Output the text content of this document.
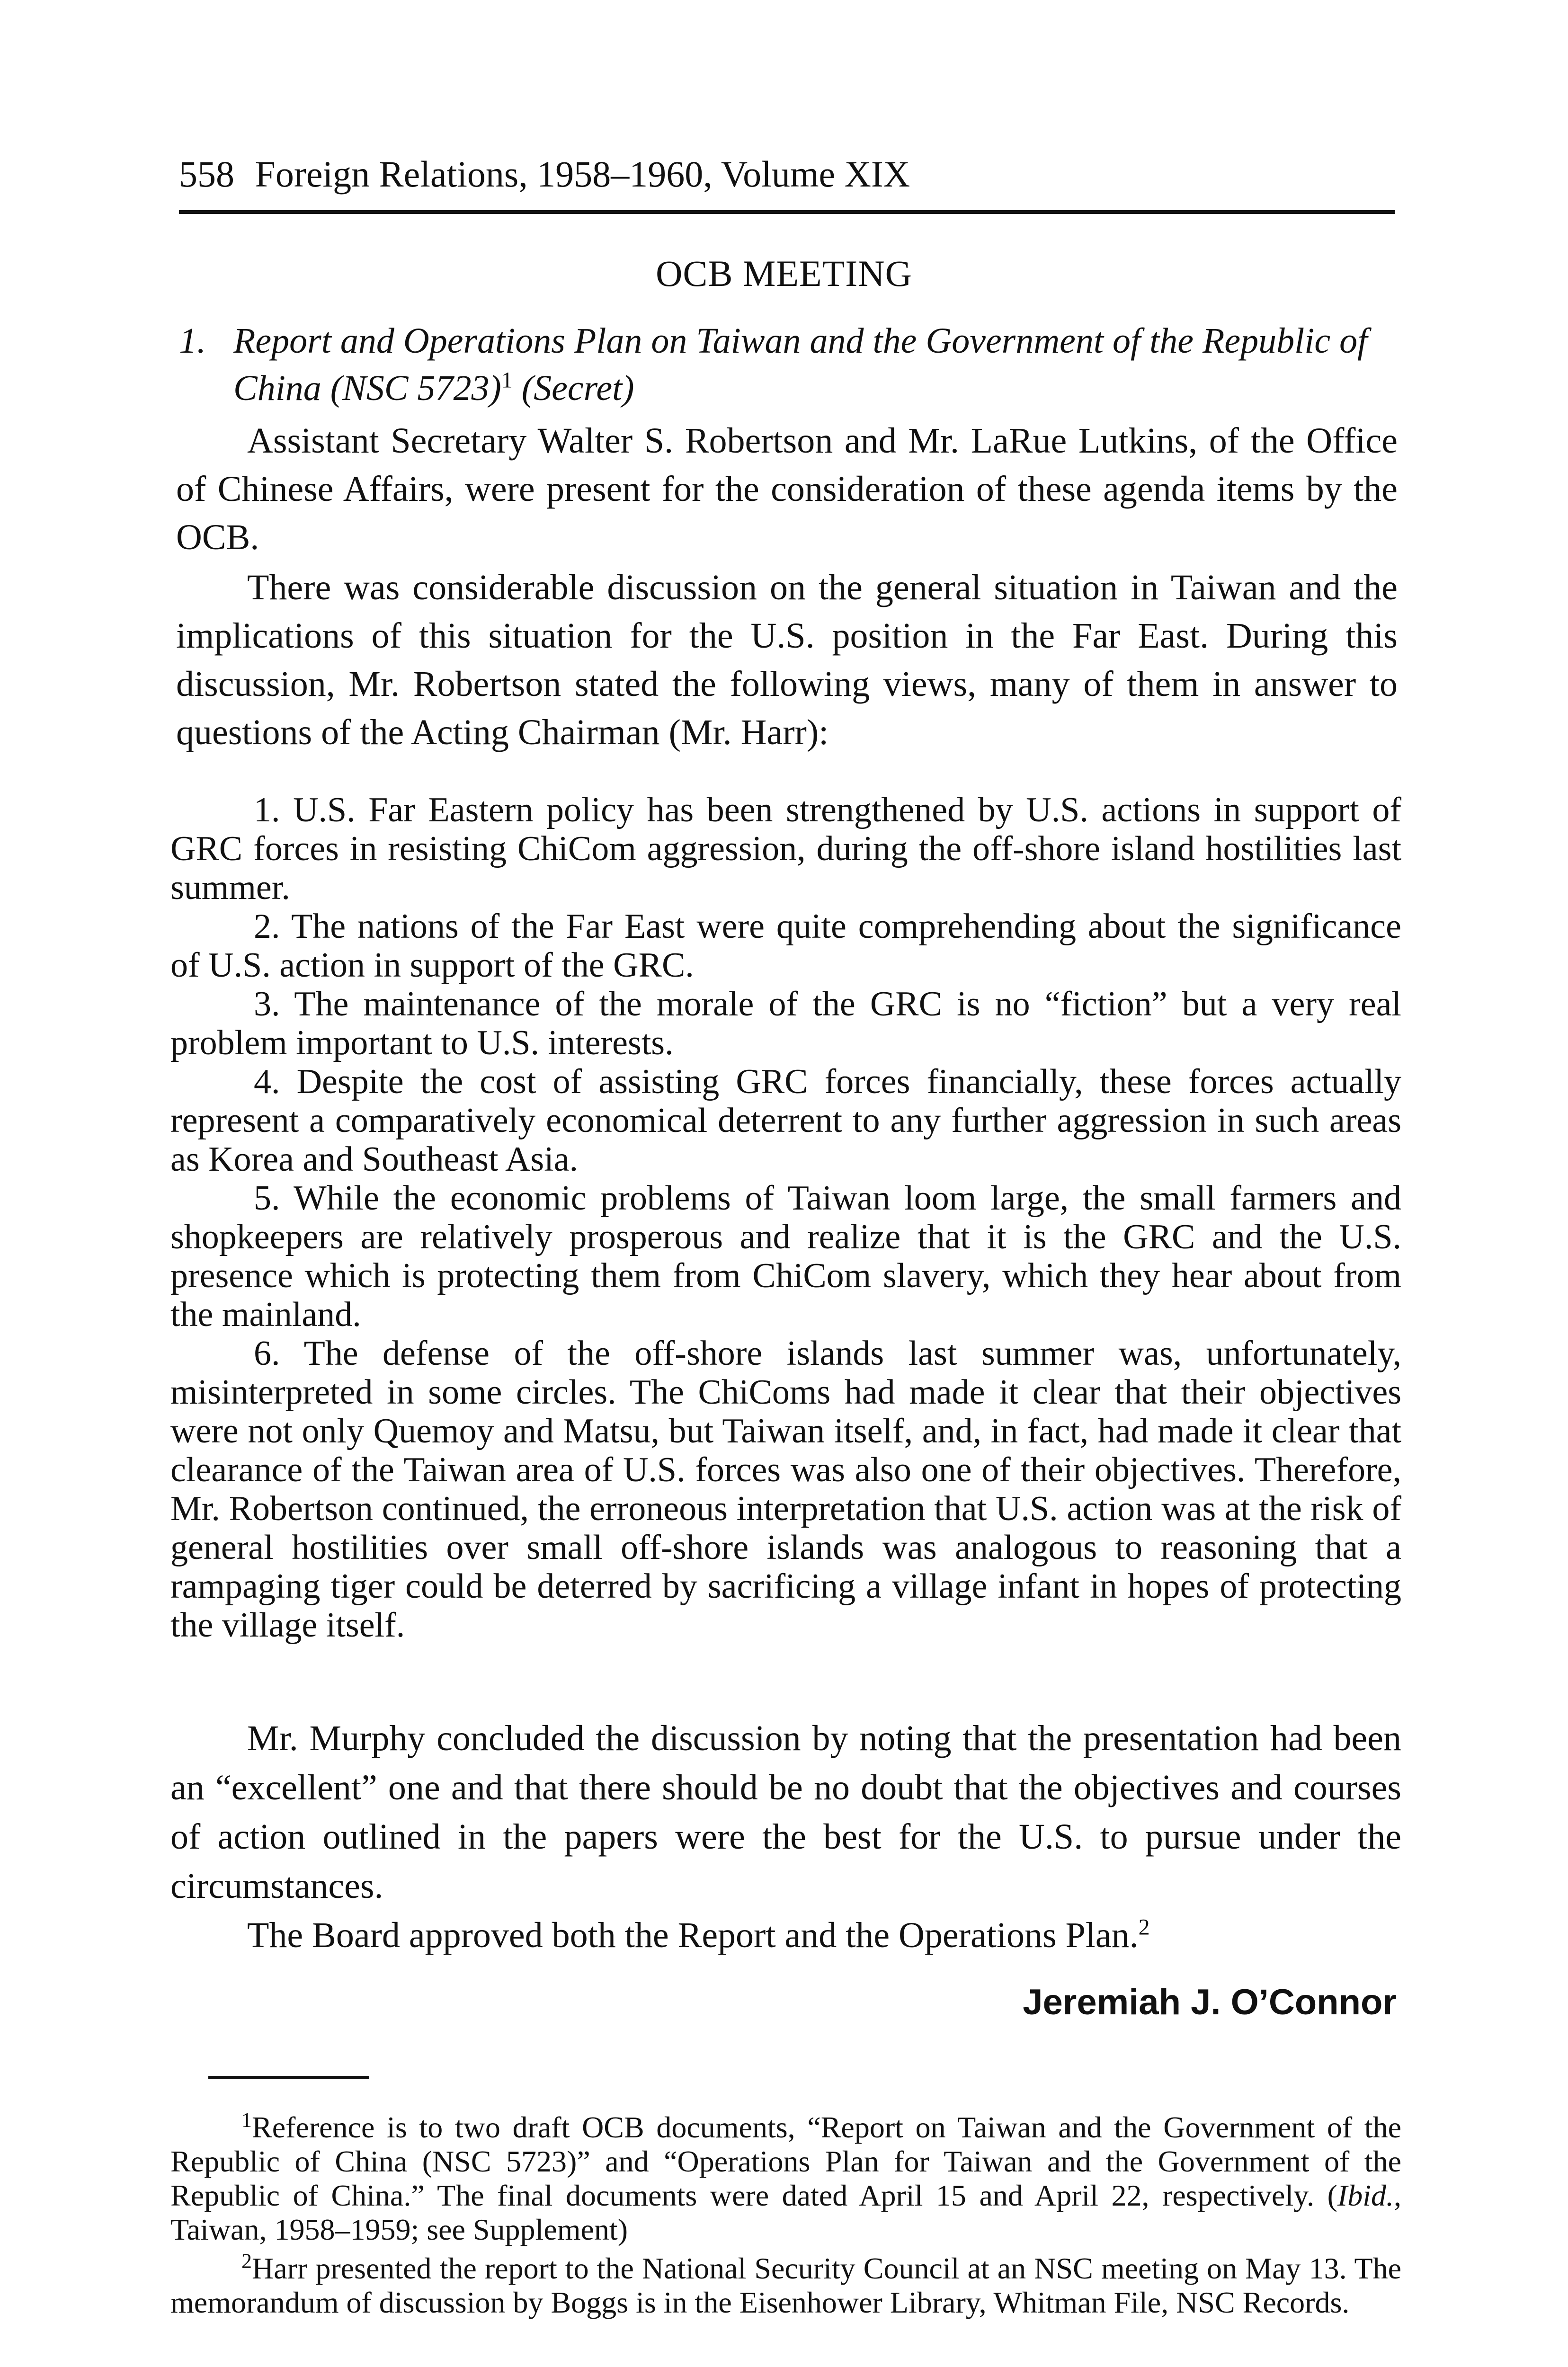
558 Foreign Relations, 1958–1960, Volume XIX
OCB MEETING
1. Report and Operations Plan on Taiwan and the Government of the Republic of China (NSC 5723)$^1$ (Secret)

Assistant Secretary Walter S. Robertson and Mr. LaRue Lutkins, of the Office of Chinese Affairs, were present for the consideration of these agenda items by the OCB.

There was considerable discussion on the general situation in Taiwan and the implications of this situation for the U.S. position in the Far East. During this discussion, Mr. Robertson stated the following views, many of them in answer to questions of the Acting Chairman (Mr. Harr):

1. U.S. Far Eastern policy has been strengthened by U.S. actions in support of GRC forces in resisting ChiCom aggression, during the off-shore island hostilities last summer.

2. The nations of the Far East were quite comprehending about the significance of U.S. action in support of the GRC.

3. The maintenance of the morale of the GRC is no “fiction” but a very real problem important to U.S. interests.

4. Despite the cost of assisting GRC forces financially, these forces actually represent a comparatively economical deterrent to any further aggression in such areas as Korea and Southeast Asia.

5. While the economic problems of Taiwan loom large, the small farmers and shopkeepers are relatively prosperous and realize that it is the GRC and the U.S. presence which is protecting them from ChiCom slavery, which they hear about from the mainland.

6. The defense of the off-shore islands last summer was, unfortunately, misinterpreted in some circles. The ChiComs had made it clear that their objectives were not only Quemoy and Matsu, but Taiwan itself, and, in fact, had made it clear that clearance of the Taiwan area of U.S. forces was also one of their objectives. Therefore, Mr. Robertson continued, the erroneous interpretation that U.S. action was at the risk of general hostilities over small off-shore islands was analogous to reasoning that a rampaging tiger could be deterred by sacrificing a village infant in hopes of protecting the village itself.

Mr. Murphy concluded the discussion by noting that the presentation had been an “excellent” one and that there should be no doubt that the objectives and courses of action outlined in the papers were the best for the U.S. to pursue under the circumstances.

The Board approved both the Report and the Operations Plan.$^2$

Jeremiah J. O’Connor

$^1$Reference is to two draft OCB documents, “Report on Taiwan and the Government of the Republic of China (NSC 5723)” and “Operations Plan for Taiwan and the Government of the Republic of China.” The final documents were dated April 15 and April 22, respectively. (Ibid., Taiwan, 1958–1959; see Supplement)

$^2$Harr presented the report to the National Security Council at an NSC meeting on May 13. The memorandum of discussion by Boggs is in the Eisenhower Library, Whitman File, NSC Records.
